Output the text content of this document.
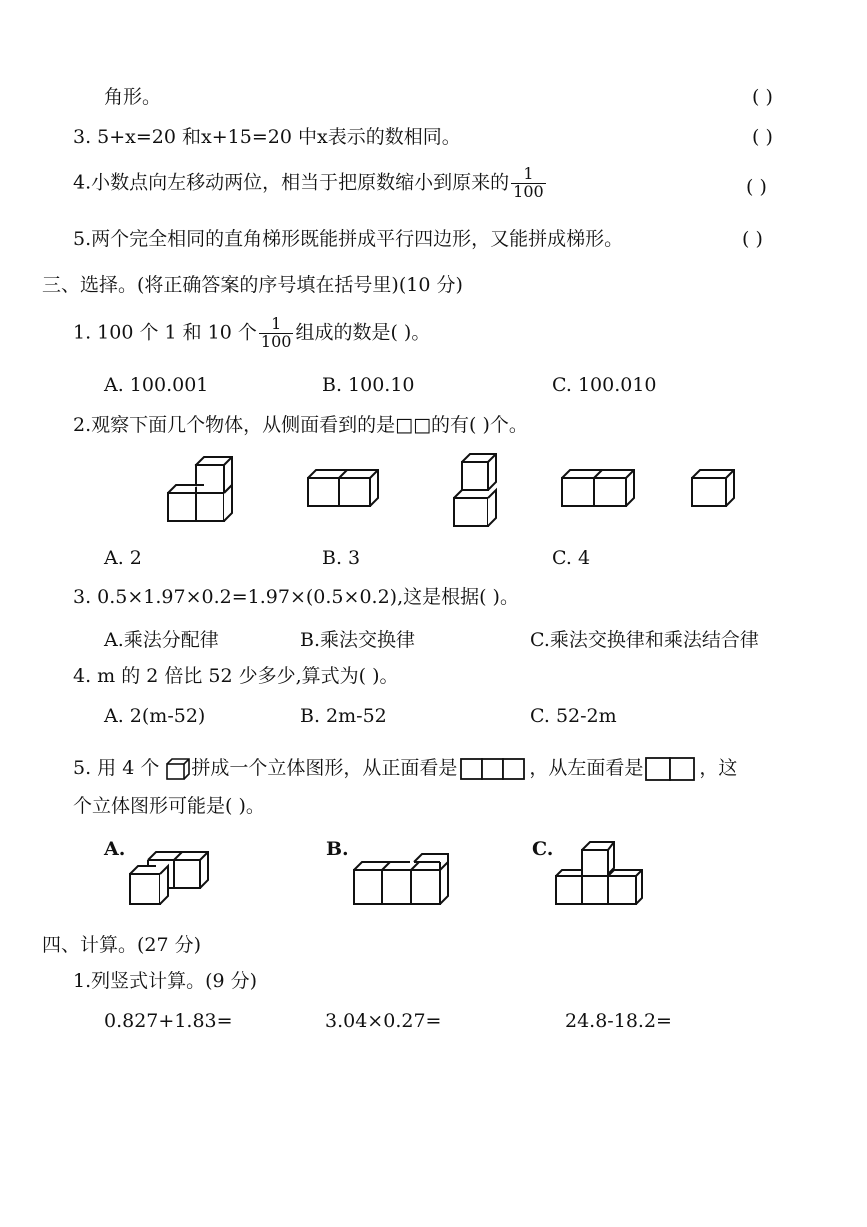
角形。	( )
3. 5+x=20 和x+15=20 中x表示的数相同。	( )
4.小数点向左移动两位，相当于把原数缩小到原来的 $\frac{1}{100}$	( )
5.两个完全相同的直角梯形既能拼成平行四边形，又能拼成梯形。	( )
三、选择。(将正确答案的序号填在括号里)(10 分)
1. 100 个 1 和 10 个 $\frac{1}{100}$ 组成的数是( )。
A. 100.001	B. 100.10	C. 100.010
2.观察下面几个物体，从侧面看到的是□□的有( )个。
A. 2	B. 3	C. 4
3. 0.5×1.97×0.2=1.97×(0.5×0.2),这是根据( )。
A.乘法分配律	B.乘法交换律	C.乘法交换律和乘法结合律
4. m 的 2 倍比 52 少多少,算式为( )。
A. 2(m-52)	B. 2m-52	C. 52-2m
5. 用 4 个 拼成一个立体图形，从正面看是	，从左面看是	，这
个立体图形可能是( )。
A.	B.	C.
四、计算。(27 分)
1.列竖式计算。(9 分)
0.827+1.83=	3.04×0.27=	24.8-18.2=
